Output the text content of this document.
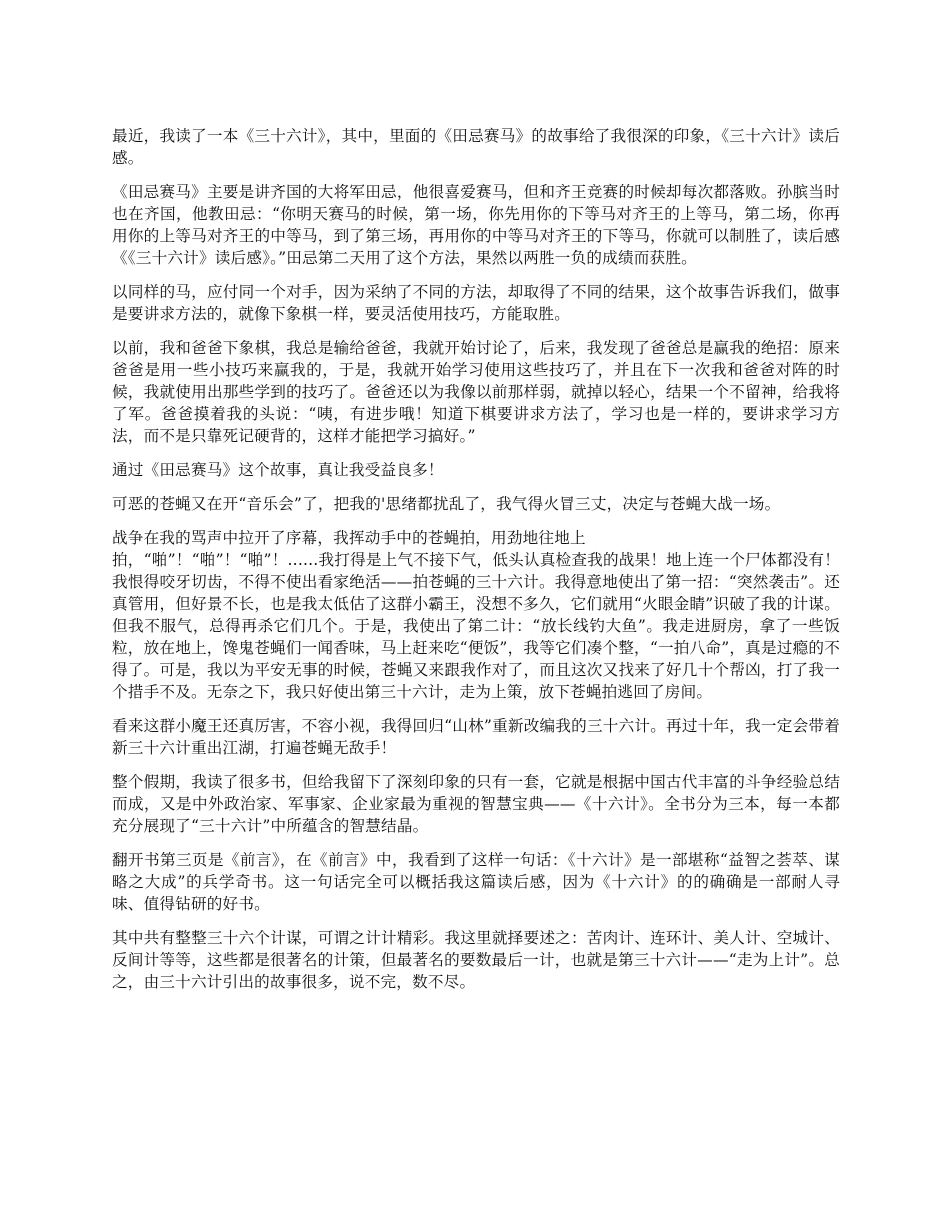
最近，我读了一本《三十六计》，其中，里面的《田忌赛马》的故事给了我很深的印象，《三十六计》读后感。

《田忌赛马》主要是讲齐国的大将军田忌，他很喜爱赛马，但和齐王竞赛的时候却每次都落败。孙膑当时也在齐国，他教田忌：“你明天赛马的时候，第一场，你先用你的下等马对齐王的上等马，第二场，你再用你的上等马对齐王的中等马，到了第三场，再用你的中等马对齐王的下等马，你就可以制胜了，读后感《《三十六计》读后感》。”田忌第二天用了这个方法，果然以两胜一负的成绩而获胜。

以同样的马，应付同一个对手，因为采纳了不同的方法，却取得了不同的结果，这个故事告诉我们，做事是要讲求方法的，就像下象棋一样，要灵活使用技巧，方能取胜。

以前，我和爸爸下象棋，我总是输给爸爸，我就开始讨论了，后来，我发现了爸爸总是赢我的绝招：原来爸爸是用一些小技巧来赢我的，于是，我就开始学习使用这些技巧了，并且在下一次我和爸爸对阵的时候，我就使用出那些学到的技巧了。爸爸还以为我像以前那样弱，就掉以轻心，结果一个不留神，给我将了军。爸爸摸着我的头说：“咦，有进步哦！知道下棋要讲求方法了，学习也是一样的，要讲求学习方法，而不是只靠死记硬背的，这样才能把学习搞好。”

通过《田忌赛马》这个故事，真让我受益良多！

可恶的苍蝇又在开“音乐会”了，把我的'思绪都扰乱了，我气得火冒三丈，决定与苍蝇大战一场。

战争在我的骂声中拉开了序幕，我挥动手中的苍蝇拍，用劲地往地上
拍，“啪”！“啪”！“啪”！......我打得是上气不接下气，低头认真检查我的战果！地上连一个尸体都没有！我恨得咬牙切齿，不得不使出看家绝活——拍苍蝇的三十六计。我得意地使出了第一招：“突然袭击”。还真管用，但好景不长，也是我太低估了这群小霸王，没想不多久，它们就用“火眼金睛”识破了我的计谋。但我不服气，总得再杀它们几个。于是，我使出了第二计：“放长线钓大鱼”。我走进厨房，拿了一些饭粒，放在地上，馋鬼苍蝇们一闻香味，马上赶来吃“便饭”，我等它们凑个整，“一拍八命”，真是过瘾的不得了。可是，我以为平安无事的时候，苍蝇又来跟我作对了，而且这次又找来了好几十个帮凶，打了我一个措手不及。无奈之下，我只好使出第三十六计，走为上策，放下苍蝇拍逃回了房间。

看来这群小魔王还真厉害，不容小视，我得回归“山林”重新改编我的三十六计。再过十年，我一定会带着新三十六计重出江湖，打遍苍蝇无敌手！

整个假期，我读了很多书，但给我留下了深刻印象的只有一套，它就是根据中国古代丰富的斗争经验总结而成，又是中外政治家、军事家、企业家最为重视的智慧宝典——《十六计》。全书分为三本，每一本都充分展现了“三十六计”中所蕴含的智慧结晶。

翻开书第三页是《前言》，在《前言》中，我看到了这样一句话：《十六计》是一部堪称“益智之荟萃、谋略之大成”的兵学奇书。这一句话完全可以概括我这篇读后感，因为《十六计》的的确确是一部耐人寻味、值得钻研的好书。

其中共有整整三十六个计谋，可谓之计计精彩。我这里就择要述之：苦肉计、连环计、美人计、空城计、反间计等等，这些都是很著名的计策，但最著名的要数最后一计，也就是第三十六计——“走为上计”。总之，由三十六计引出的故事很多，说不完，数不尽。
